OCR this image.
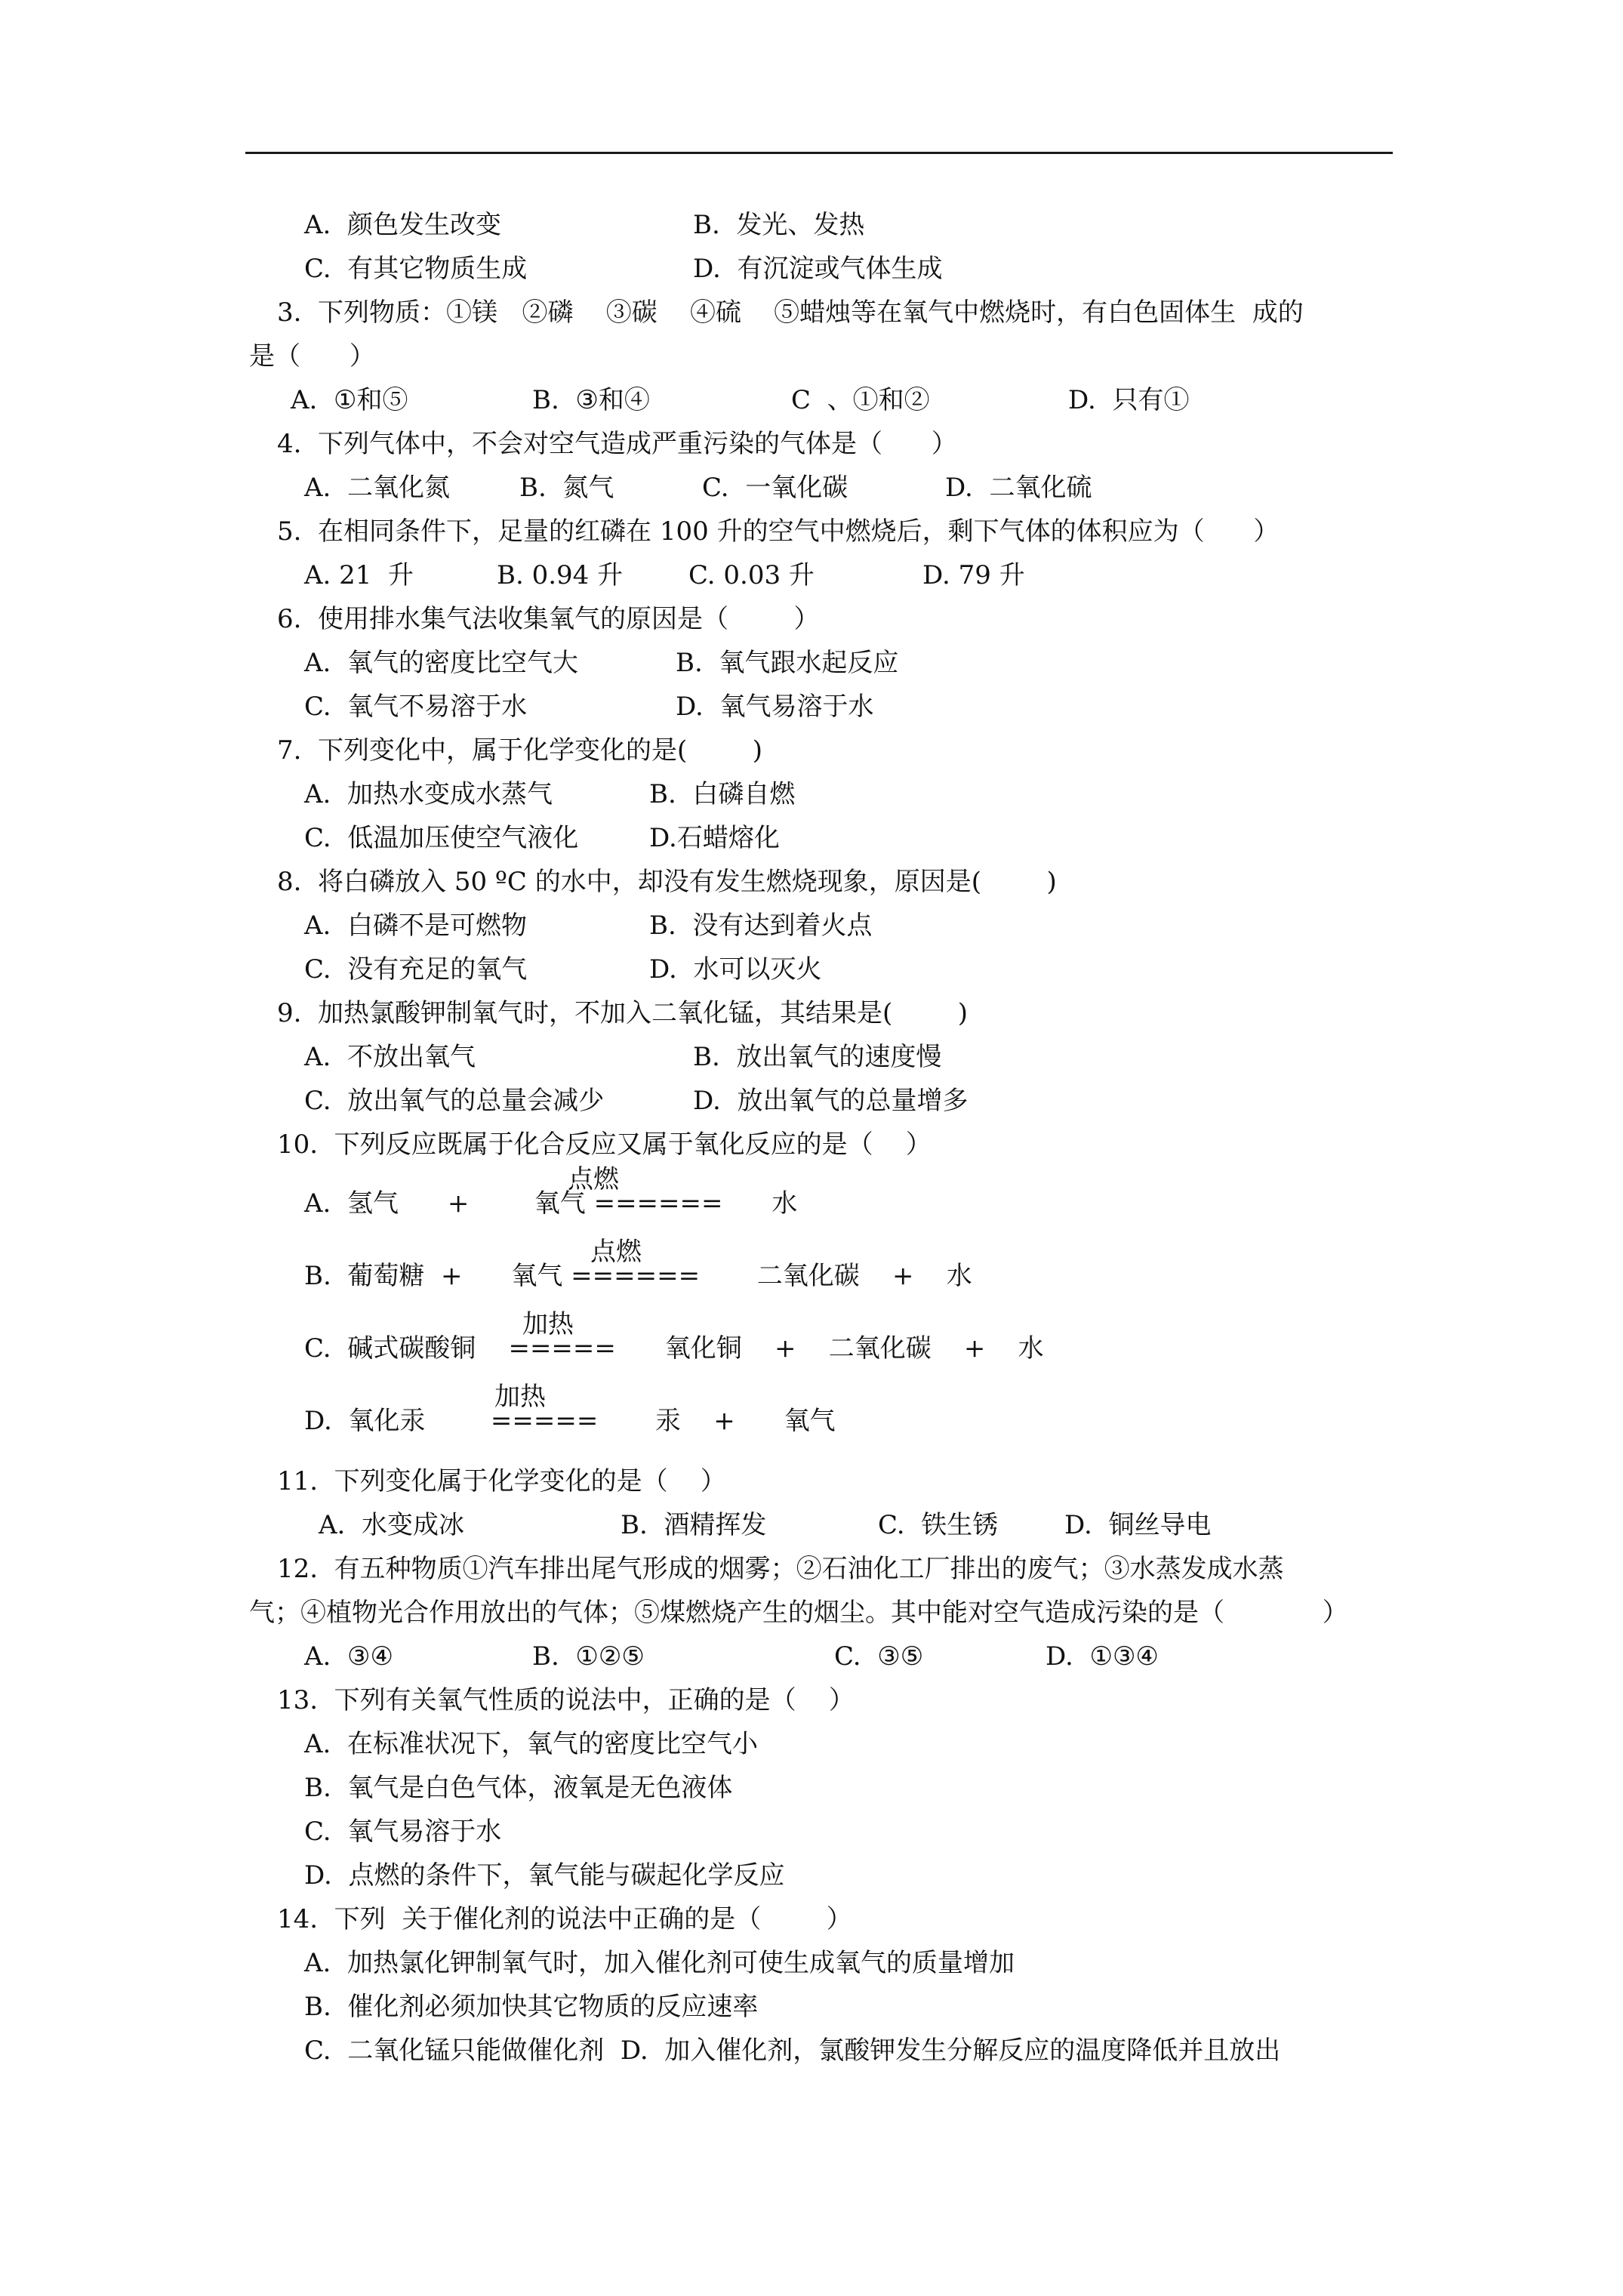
A.  颜色发生改变	B.  发光、发热
C.  有其它物质生成	D.  有沉淀或气体生成
3.  下列物质：①镁   ②磷    ③碳    ④硫    ⑤蜡烛等在氧气中燃烧时，有白色固体生  成的
是（      ）
A.  ①和⑤	B.  ③和④	C  、①和②	D.  只有①
4.  下列气体中，不会对空气造成严重污染的气体是（      ）
A.  二氧化氮	B.  氮气	C.  一氧化碳	D.  二氧化硫
5.  在相同条件下，足量的红磷在 100 升的空气中燃烧后，剩下气体的体积应为（      ）
A. 21  升	B. 0.94 升	C. 0.03 升	D. 79 升
6.  使用排水集气法收集氧气的原因是（        ）
A.  氧气的密度比空气大	B.  氧气跟水起反应
C.  氧气不易溶于水	D.  氧气易溶于水
7.  下列变化中，属于化学变化的是(        )
A.  加热水变成水蒸气	B.  白磷自燃
C.  低温加压使空气液化	D.石蜡熔化
8.  将白磷放入 50 ºC 的水中，却没有发生燃烧现象，原因是(        )
A.  白磷不是可燃物	B.  没有达到着火点
C.  没有充足的氧气	D.  水可以灭火
9.  加热氯酸钾制氧气时，不加入二氧化锰，其结果是(        )
A.  不放出氧气	B.  放出氧气的速度慢
C.  放出氧气的总量会减少	D.  放出氧气的总量增多
10.  下列反应既属于化合反应又属于氧化反应的是（    ）
点燃
A.  氢气      +        氧气 ======      水
点燃
B.  葡萄糖  +      氧气 ======       二氧化碳    +    水
加热
C.  碱式碳酸铜    =====      氧化铜    +    二氧化碳    +    水
加热
D.  氧化汞        =====       汞    +      氧气
11.  下列变化属于化学变化的是（    ）
A.  水变成冰	B.  酒精挥发	C.  铁生锈	D.  铜丝导电
12.  有五种物质①汽车排出尾气形成的烟雾；②石油化工厂排出的废气；③水蒸发成水蒸
气；④植物光合作用放出的气体；⑤煤燃烧产生的烟尘。其中能对空气造成污染的是（            ）
A.  ③④	B.  ①②⑤	C.  ③⑤	D.  ①③④
13.  下列有关氧气性质的说法中，正确的是（    ）
A.  在标准状况下，氧气的密度比空气小
B.  氧气是白色气体，液氧是无色液体
C.  氧气易溶于水
D.  点燃的条件下，氧气能与碳起化学反应
14.  下列  关于催化剂的说法中正确的是（        ）
A.  加热氯化钾制氧气时，加入催化剂可使生成氧气的质量增加
B.  催化剂必须加快其它物质的反应速率
C.  二氧化锰只能做催化剂  D.  加入催化剂，氯酸钾发生分解反应的温度降低并且放出
